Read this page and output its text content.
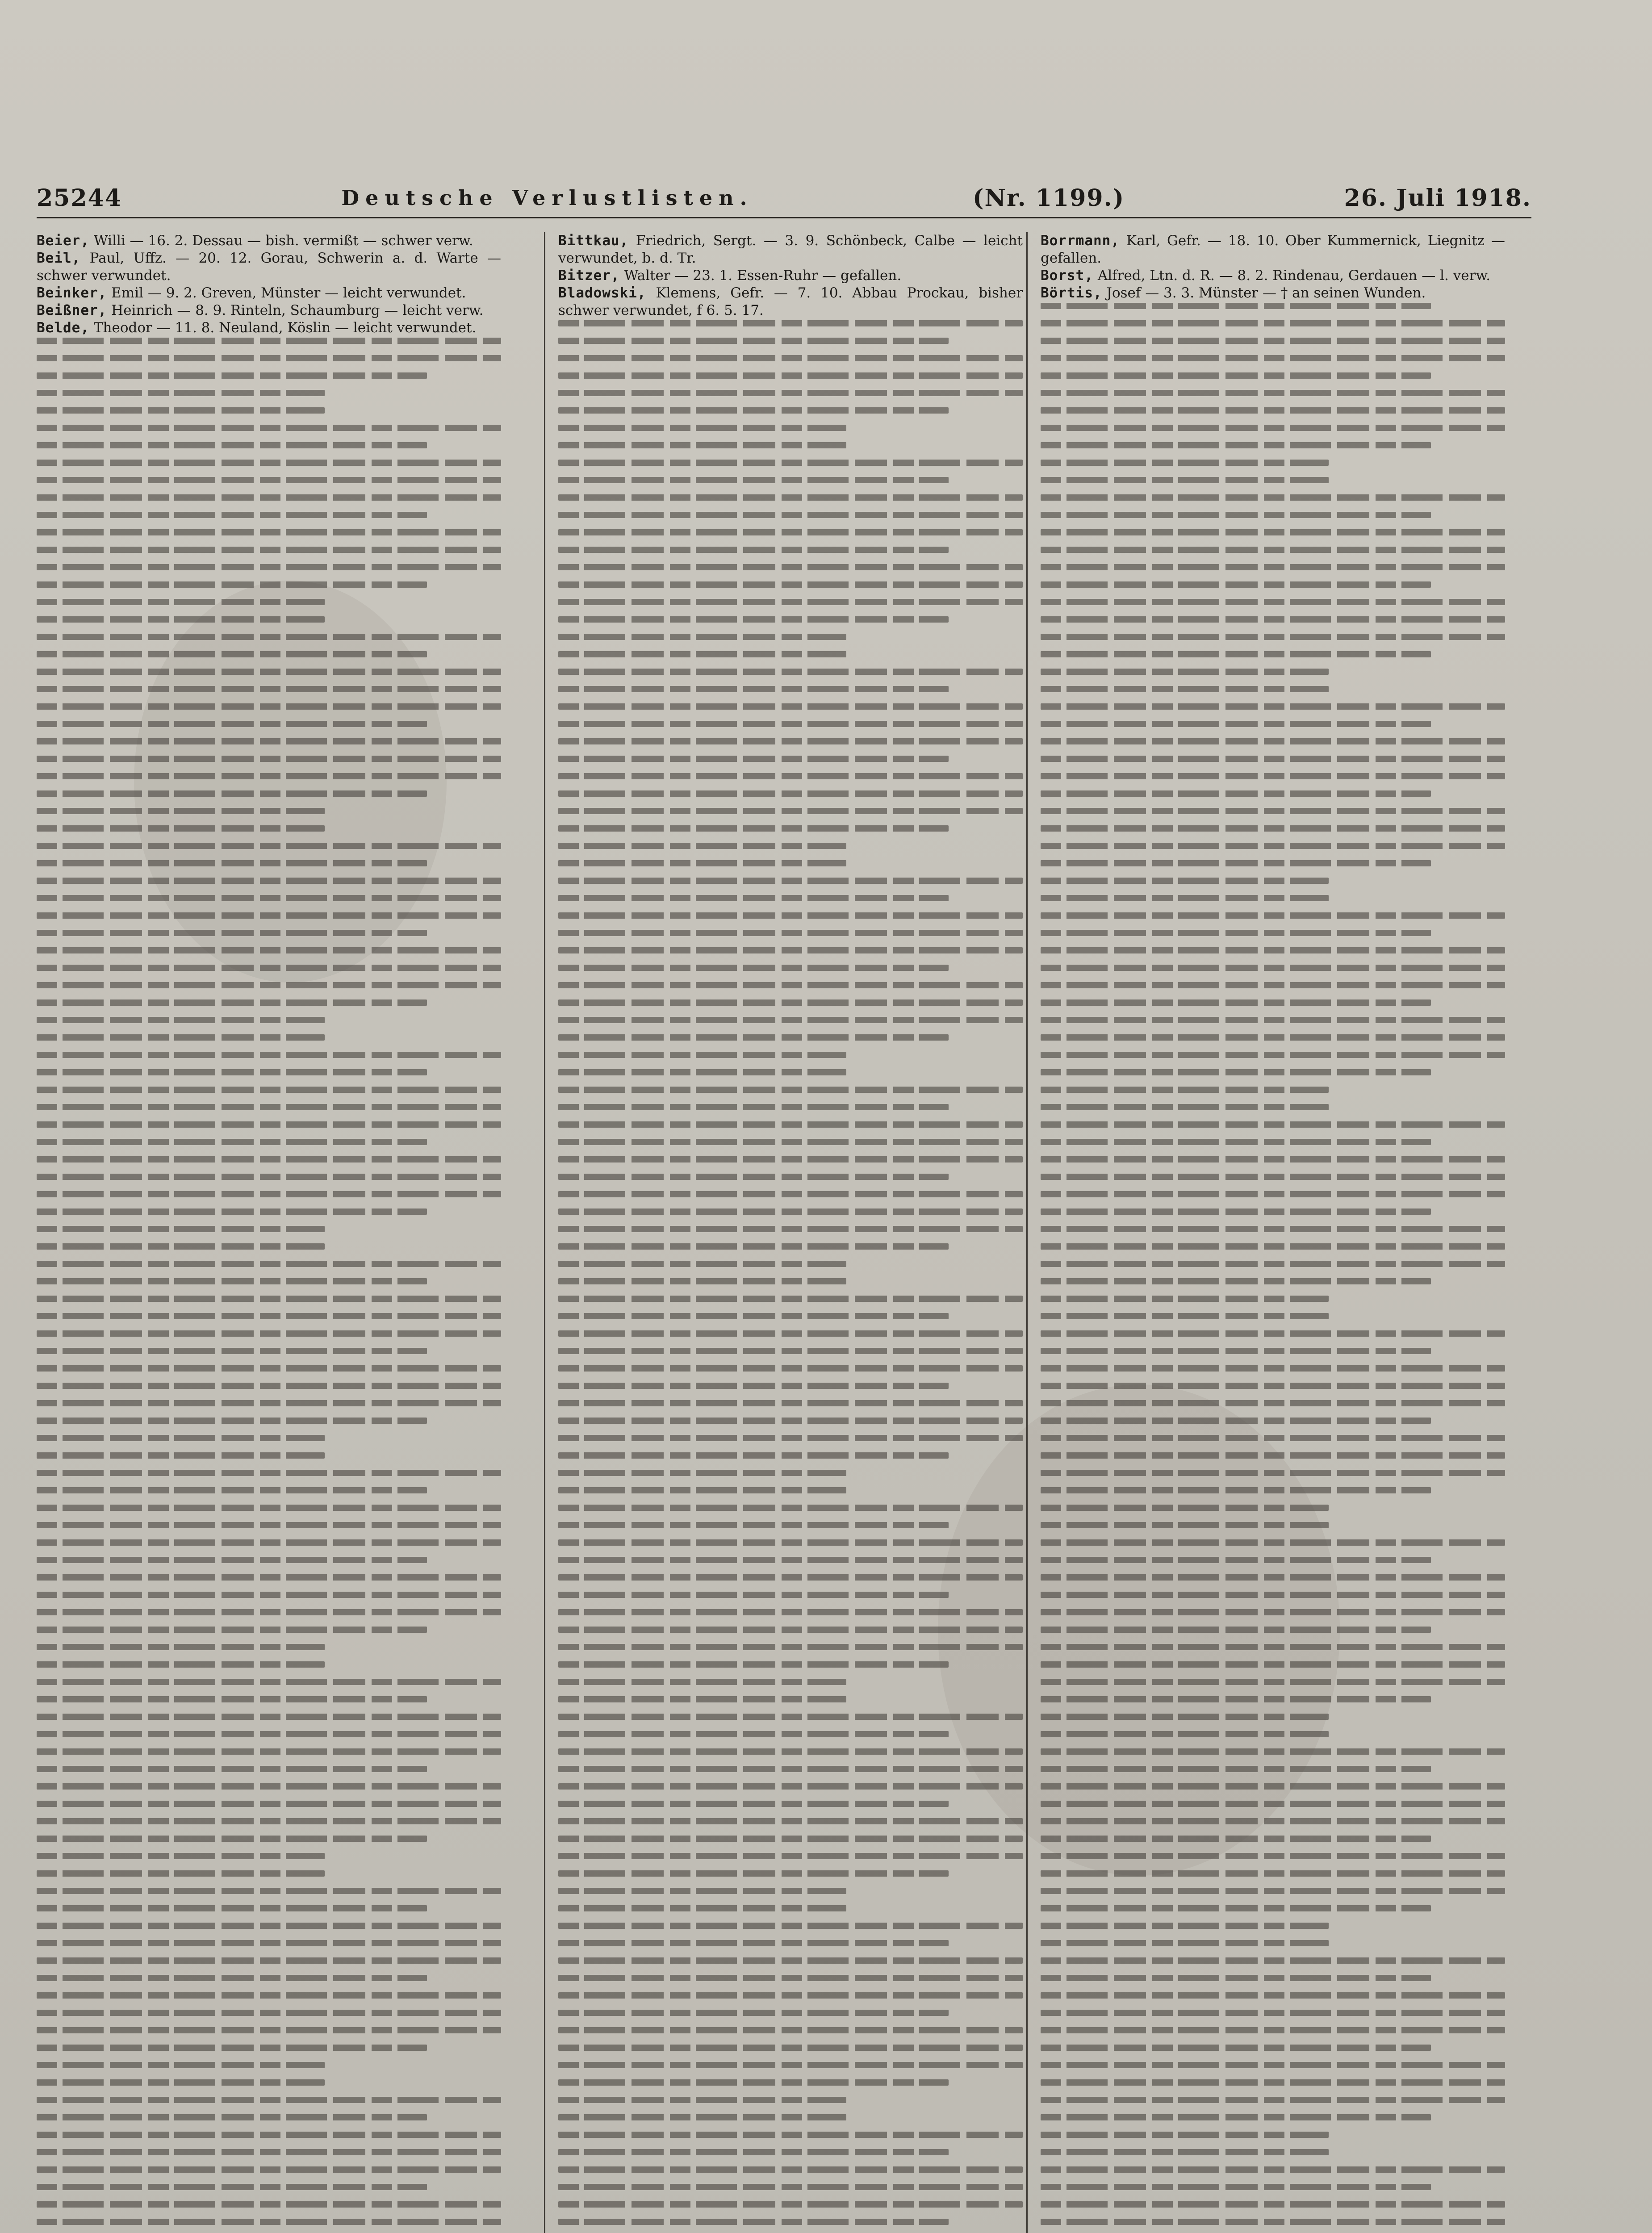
25244	Deutsche Verlustlisten.	(Nr. 1199.)	26. Juli 1918.

Beier, Willi — 16. 2. Dessau — bish. vermißt — schwer verw.

Beil, Paul, Uffz. — 20. 12. Gorau, Schwerin a. d. Warte — schwer verwundet.

Beinker, Emil — 9. 2. Greven, Münster — leicht verwundet.

Beißner, Heinrich — 8. 9. Rinteln, Schaumburg — leicht verw.

Belde, Theodor — 11. 8. Neuland, Köslin — leicht verwundet.

Bittkau, Friedrich, Sergt. — 3. 9. Schönbeck, Calbe — leicht verwundet, b. d. Tr.

Bitzer, Walter — 23. 1. Essen-Ruhr — gefallen.

Bladowski, Klemens, Gefr. — 7. 10. Abbau Prockau, bisher schwer verwundet, f 6. 5. 17.

Borrmann, Karl, Gefr. — 18. 10. Ober Kummernick, Liegnitz — gefallen.

Borst, Alfred, Ltn. d. R. — 8. 2. Rindenau, Gerdauen — l. verw.

Börtis, Josef — 3. 3. Münster — † an seinen Wunden.
